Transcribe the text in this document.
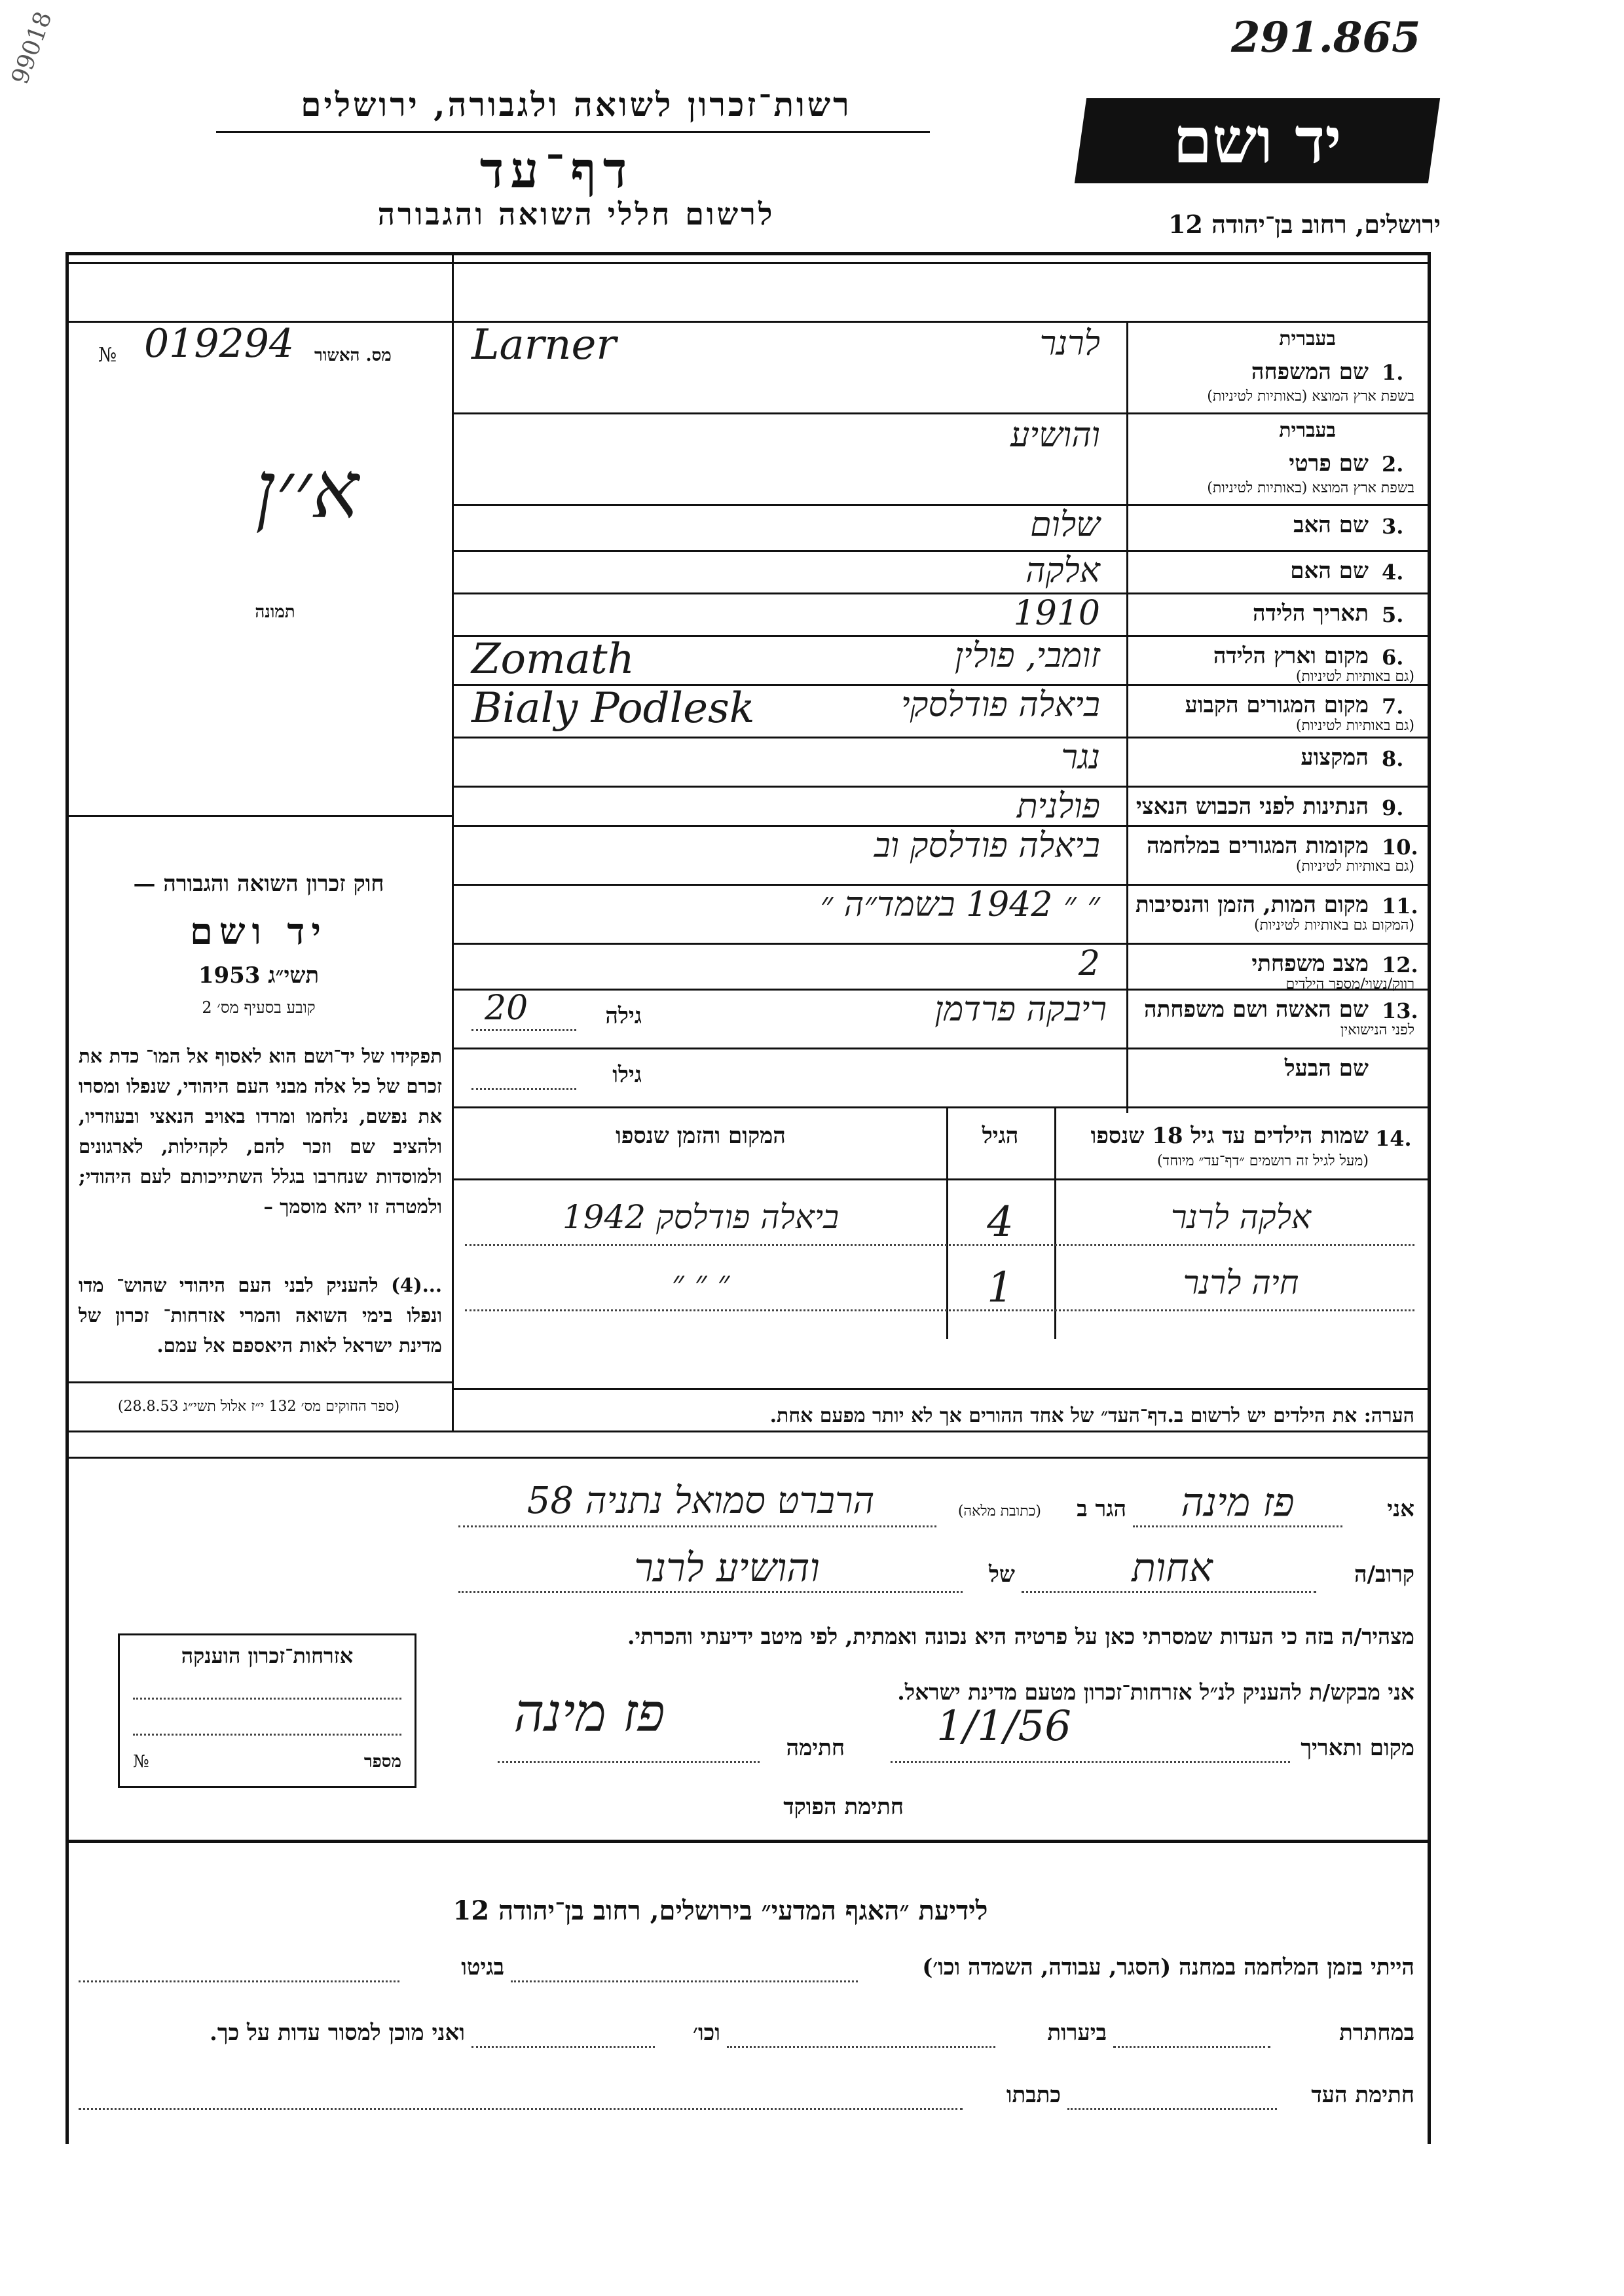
291.865
99018
רשות־זכרון לשואה ולגבורה, ירושלים
דף־עד
לרשום חללי השואה והגבורה
יד ושם
ירושלים, רחוב בן־יהודה 12
№ 019294 מס. האשור
א׳׳ן
תמונה
חוק זכרון השואה והגבורה —
יד ושם
תשי״ג 1953
קובע בסעיף מס׳ 2
תפקידו של יד־ושם הוא לאסוף אל המו־ כדת את זכרם של כל אלה מבני העם היהודי, שנפלו ומסרו את נפשם, נלחמו ומרדו באויב הנאצי ובעוזריו, ולהציב שם וזכר להם, לקהילות, לארגונים ולמוסדות שנחרבו בגלל השתייכותם לעם היהודי; ולמטרה זו יהא מוסמך –
...(4) להעניק לבני העם היהודי שהוש־ מדו ונפלו בימי השואה והמרי אזרחות־ זכרון של מדינת ישראל לאות היאספם אל עמם.
(ספר החוקים מס׳ 132 י״ז אלול תשי״ג 28.8.53)
1.
בעברית
שם המשפחה
בשפת ארץ המוצא (באותיות לטיניות)
לרנר
Larner
2.
בעברית
שם פרטי
בשפת ארץ המוצא (באותיות לטיניות)
והושיע
3.
שם האב
שלום
4.
שם האם
אלקה
5.
תאריך הלידה
1910
6.
מקום וארץ הלידה
(גם באותיות לטיניות)
זומבי, פולין
Zomath
7.
מקום המגורים הקבוע
(גם באותיות לטיניות)
ביאלה פודלסקי
Bialy Podlesk
8.
המקצוע
נגר
9.
הנתינות לפני הכבוש הנאצי
פולנית
10.
מקומות המגורים במלחמה
(גם באותיות לטיניות)
ביאלה פודלסק וב
11.
מקום המות, הזמן והנסיבות
(המקום גם באותיות לטיניות)
״ ״ 1942 בשמד״ה ״
12.
מצב משפחתי
רווק/נשוי/מספר הילדים
2
13.
שם האשה ושם משפחתה
לפני הנישואין
ריבקה פרדמן
גילה
20
שם הבעל
גילו
14.
שמות הילדים עד גיל 18 שנספו
(מעל לגיל זה רושמים ״דף־עד״ מיוחד)
הגיל
המקום והזמן שנספו
אלקה לרנר
4
ביאלה פודלסק 1942
חיה לרנר
1
״ ״ ״
הערה: את הילדים יש לרשום ב.דף־העד״ של אחד ההורים אך לא יותר מפעם אחת.
אני
פז מינה
הגר ב
(כתובת מלאה)
הרברט סמואל נתניה 58
קרוב/ה
אחות
של
והושיע לרנר
מצהיר/ה בזה כי העדות שמסרתי כאן על פרטיה היא נכונה ואמתית, לפי מיטב ידיעתי והכרתי.
אני מבקש/ת להעניק לנ״ל אזרחות־זכרון מטעם מדינת ישראל.
אזרחות־זכרון הוענקה
№	מספר
מקום ותאריך
1/1/56
חתימה
פז מינה
חתימת הפוקד
לידיעת ״האגף המדעי״ בירושלים, רחוב בן־יהודה 12
הייתי בזמן המלחמה במחנה (הסגר, עבודה, השמדה וכו׳)
בגיטו
במחתרת
ביערות
וכו׳
ואני מוכן למסור עדות על כך.
חתימת העד
כתבתו
